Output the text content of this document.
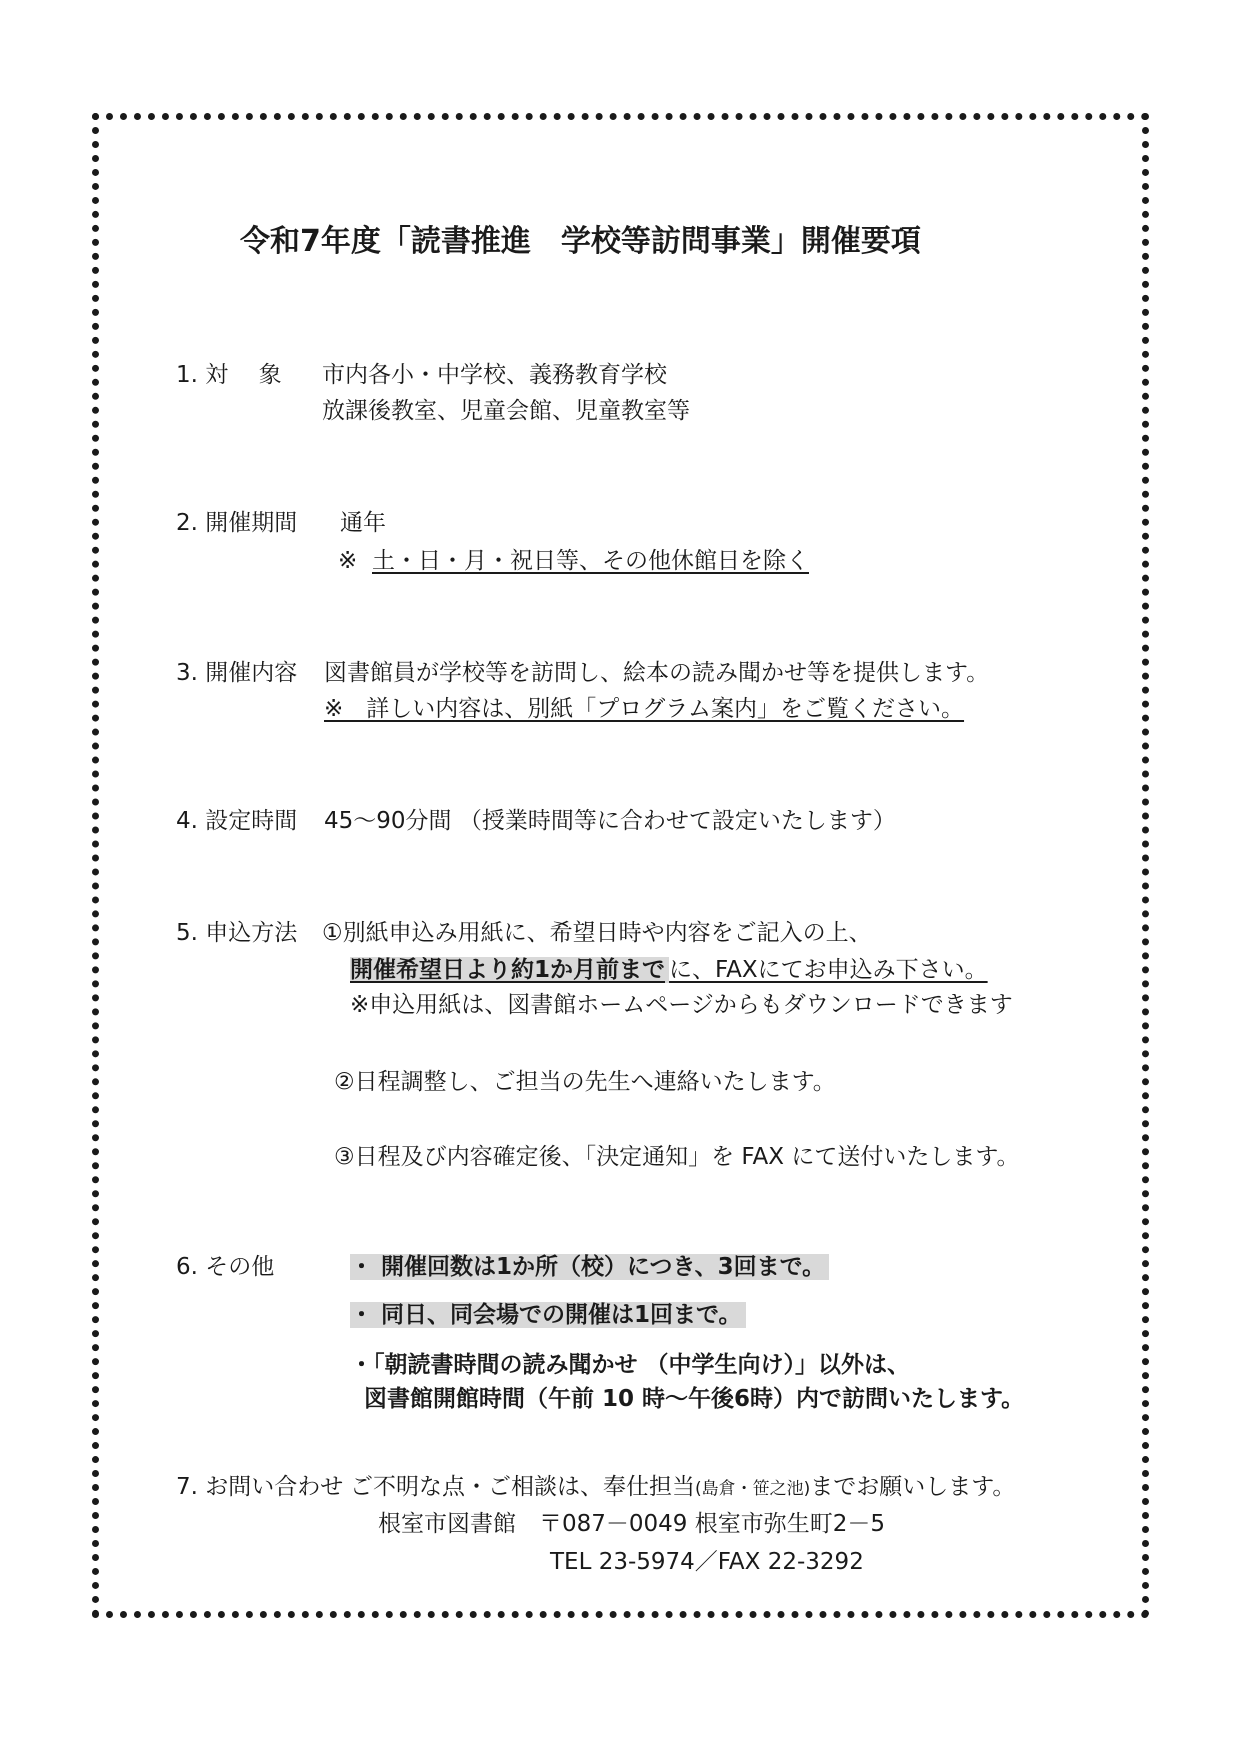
令和7年度「読書推進　学校等訪問事業」開催要項
1. 対　 象 市内各小・中学校、義務教育学校
放課後教室、児童会館、児童教室等
2. 開催期間 通年
※ 土・日・月・祝日等、その他休館日を除く
3. 開催内容 図書館員が学校等を訪問し、絵本の読み聞かせ等を提供します。
※　詳しい内容は、別紙「プログラム案内」をご覧ください。
4. 設定時間 45～90分間 （授業時間等に合わせて設定いたします）
5. 申込方法 ①別紙申込み用紙に、希望日時や内容をご記入の上、
開催希望日より約1か月前まで に、FAXにてお申込み下さい。
※申込用紙は、図書館ホームページからもダウンロードできます
②日程調整し、ご担当の先生へ連絡いたします。
③日程及び内容確定後、「決定通知」を FAX にて送付いたします。
6. その他	・ 開催回数は1か所（校）につき、3回まで。
・ 同日、同会場での開催は1回まで。
・「朝読書時間の読み聞かせ （中学生向け）」以外は、
図書館開館時間（午前 10 時～午後6時）内で訪問いたします。
7. お問い合わせ ご不明な点・ご相談は、奉仕担当(島倉・笹之池)までお願いします。
根室市図書館　〒087－0049 根室市弥生町2－5
TEL 23-5974／FAX 22-3292
